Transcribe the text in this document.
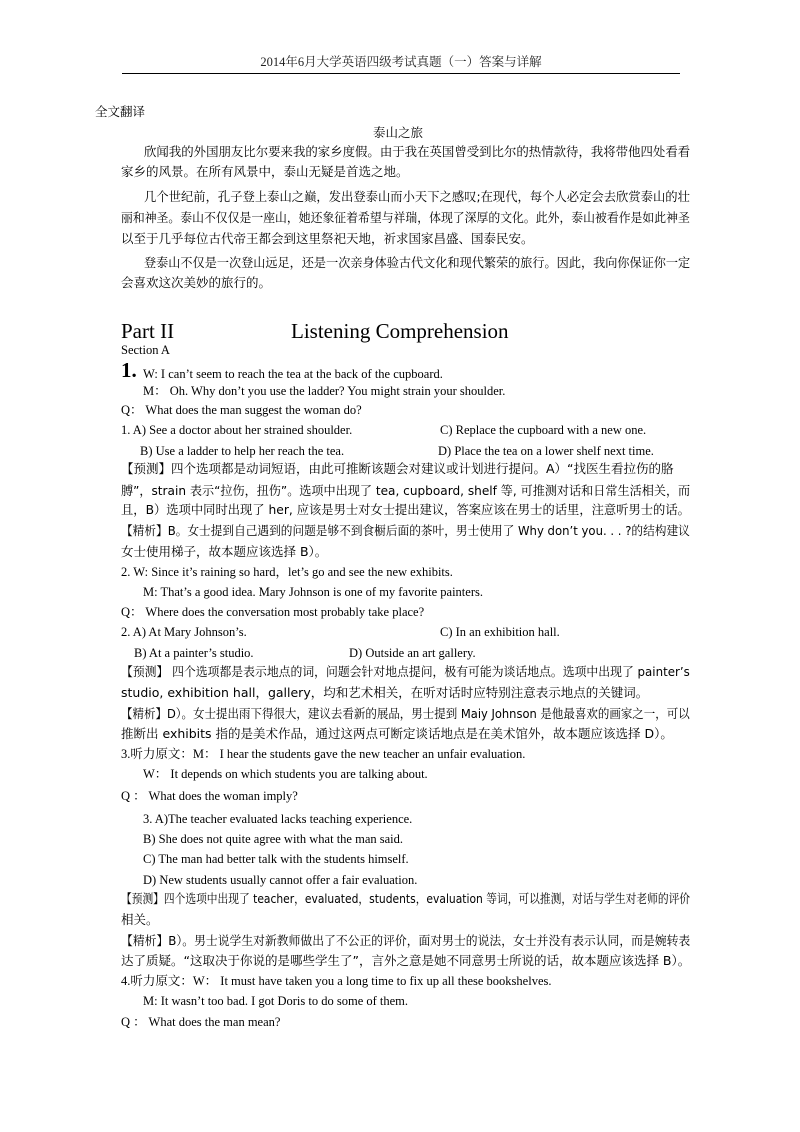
2014年6月大学英语四级考试真题（一）答案与详解
全文翻译
泰山之旅
欣闻我的外国朋友比尔要来我的家乡度假。由于我在英国曾受到比尔的热情款待，我将带他四处看看
家乡的风景。在所有风景中，泰山无疑是首选之地。
几个世纪前，孔子登上泰山之巅，发出登泰山而小天下之感叹;在现代，每个人必定会去欣赏泰山的壮
丽和神圣。泰山不仅仅是一座山，她还象征着希望与祥瑞，体现了深厚的文化。此外，泰山被看作是如此神圣
以至于几乎每位古代帝王都会到这里祭祀天地，祈求国家昌盛、国泰民安。
登泰山不仅是一次登山远足，还是一次亲身体验古代文化和现代繁荣的旅行。因此，我向你保证你一定
会喜欢这次美妙的旅行的。
Part II	Listening Comprehension
Section A
1. W: I can’t seem to reach the tea at the back of the cupboard.
M： Oh. Why don’t you use the ladder? You might strain your shoulder.
Q： What does the man suggest the woman do?
1. A) See a doctor about her strained shoulder.	C) Replace the cupboard with a new one.
B) Use a ladder to help her reach the tea.	D) Place the tea on a lower shelf next time.
【预测】四个选项都是动词短语，由此可推断该题会对建议或计划进行提问。A）“找医生看拉伤的胳
膊”，strain 表示“拉伤，扭伤”。选项中出现了 tea, cupboard, shelf 等, 可推测对话和日常生活相关，而
且，B）选项中同时出现了 her, 应该是男士对女士提出建议，答案应该在男士的话里，注意听男士的话。
【精析】B。女士提到自己遇到的问题是够不到食橱后面的茶叶，男士使用了 Why don’t you. . . ?的结构建议
女士使用梯子，故本题应该选择 B）。
2. W: Since it’s raining so hard，let’s go and see the new exhibits.
M: That’s a good idea. Mary Johnson is one of my favorite painters.
Q： Where does the conversation most probably take place?
2. A) At Mary Johnson’s.	C) In an exhibition hall.
B) At a painter’s studio.	D) Outside an art gallery.
【预测】 四个选项都是表示地点的词，问题会针对地点提问，极有可能为谈话地点。选项中出现了 painter’s
studio, exhibition hall，gallery，均和艺术相关，在听对话时应特别注意表示地点的关键词。
【精析】D）。女士提出雨下得很大，建议去看新的展品，男士提到 Maiy Johnson 是他最喜欢的画家之一，可以
推断出 exhibits 指的是美术作品，通过这两点可断定谈话地点是在美术馆外，故本题应该选择 D）。
3.听力原文：M： I hear the students gave the new teacher an unfair evaluation.
W： It depends on which students you are talking about.
Q ： What does the woman imply?
3. A)The teacher evaluated lacks teaching experience.
B) She does not quite agree with what the man said.
C) The man had better talk with the students himself.
D) New students usually cannot offer a fair evaluation.
【预测】四个选项中出现了 teacher，evaluated，students，evaluation 等词，可以推测，对话与学生对老师的评价
相关。
【精析】B）。男士说学生对新教师做出了不公正的评价，面对男士的说法，女士并没有表示认同，而是婉转表
达了质疑。“这取决于你说的是哪些学生了”，言外之意是她不同意男士所说的话，故本题应该选择 B）。
4.听力原文：W： It must have taken you a long time to fix up all these bookshelves.
M: It wasn’t too bad. I got Doris to do some of them.
Q ： What does the man mean?
